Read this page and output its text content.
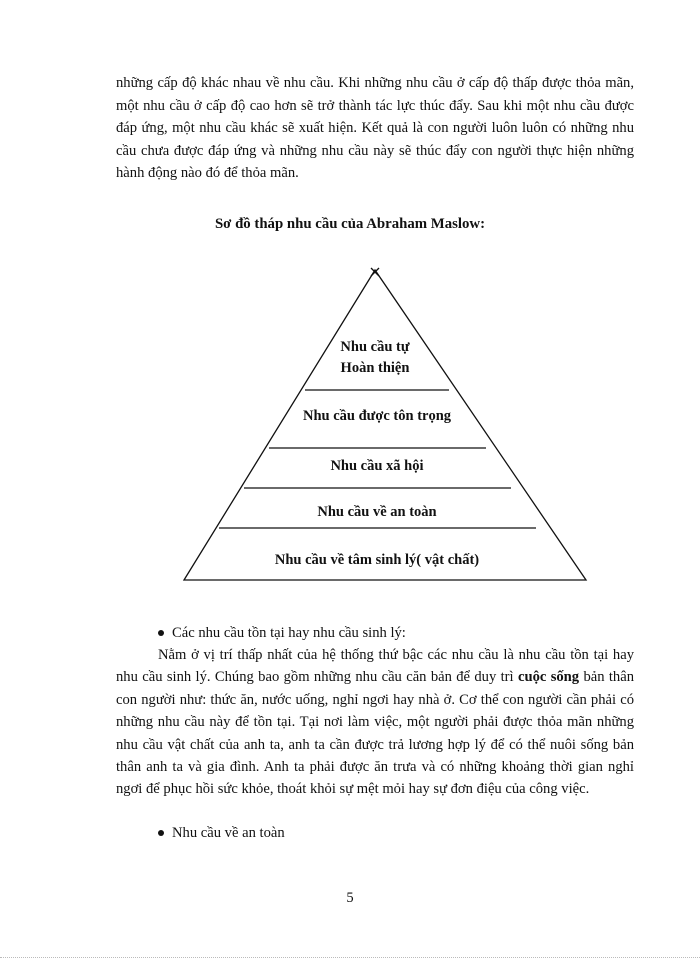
những cấp độ khác nhau về nhu cầu. Khi những nhu cầu ở cấp độ thấp được thỏa mãn, một nhu cầu ở cấp độ cao hơn sẽ trở thành tác lực thúc đẩy. Sau khi một nhu cầu được đáp ứng, một nhu cầu khác sẽ xuất hiện. Kết quả là con người luôn luôn có những nhu cầu chưa được đáp ứng và những nhu cầu này sẽ thúc đẩy con người thực hiện những hành động nào đó để thỏa mãn.

Sơ đồ tháp nhu cầu của Abraham Maslow:

Nhu cầu tự
Hoàn thiện
Nhu cầu được tôn trọng
Nhu cầu xã hội
Nhu cầu về an toàn
Nhu cầu về tâm sinh lý( vật chất)
Các nhu cầu tồn tại hay nhu cầu sinh lý:

Nằm ở vị trí thấp nhất của hệ thống thứ bậc các nhu cầu là nhu cầu tồn tại hay nhu cầu sinh lý. Chúng bao gồm những nhu cầu căn bản để duy trì cuộc sống bản thân con người như: thức ăn, nước uống, nghỉ ngơi hay nhà ở. Cơ thể con người cần phải có những nhu cầu này để tồn tại. Tại nơi làm việc, một người phải được thỏa mãn những nhu cầu vật chất của anh ta, anh ta cần được trả lương hợp lý để có thể nuôi sống bản thân anh ta và gia đình. Anh ta phải được ăn trưa và có những khoảng thời gian nghỉ ngơi để phục hồi sức khỏe, thoát khỏi sự mệt mỏi hay sự đơn điệu của công việc.

Nhu cầu về an toàn
5
